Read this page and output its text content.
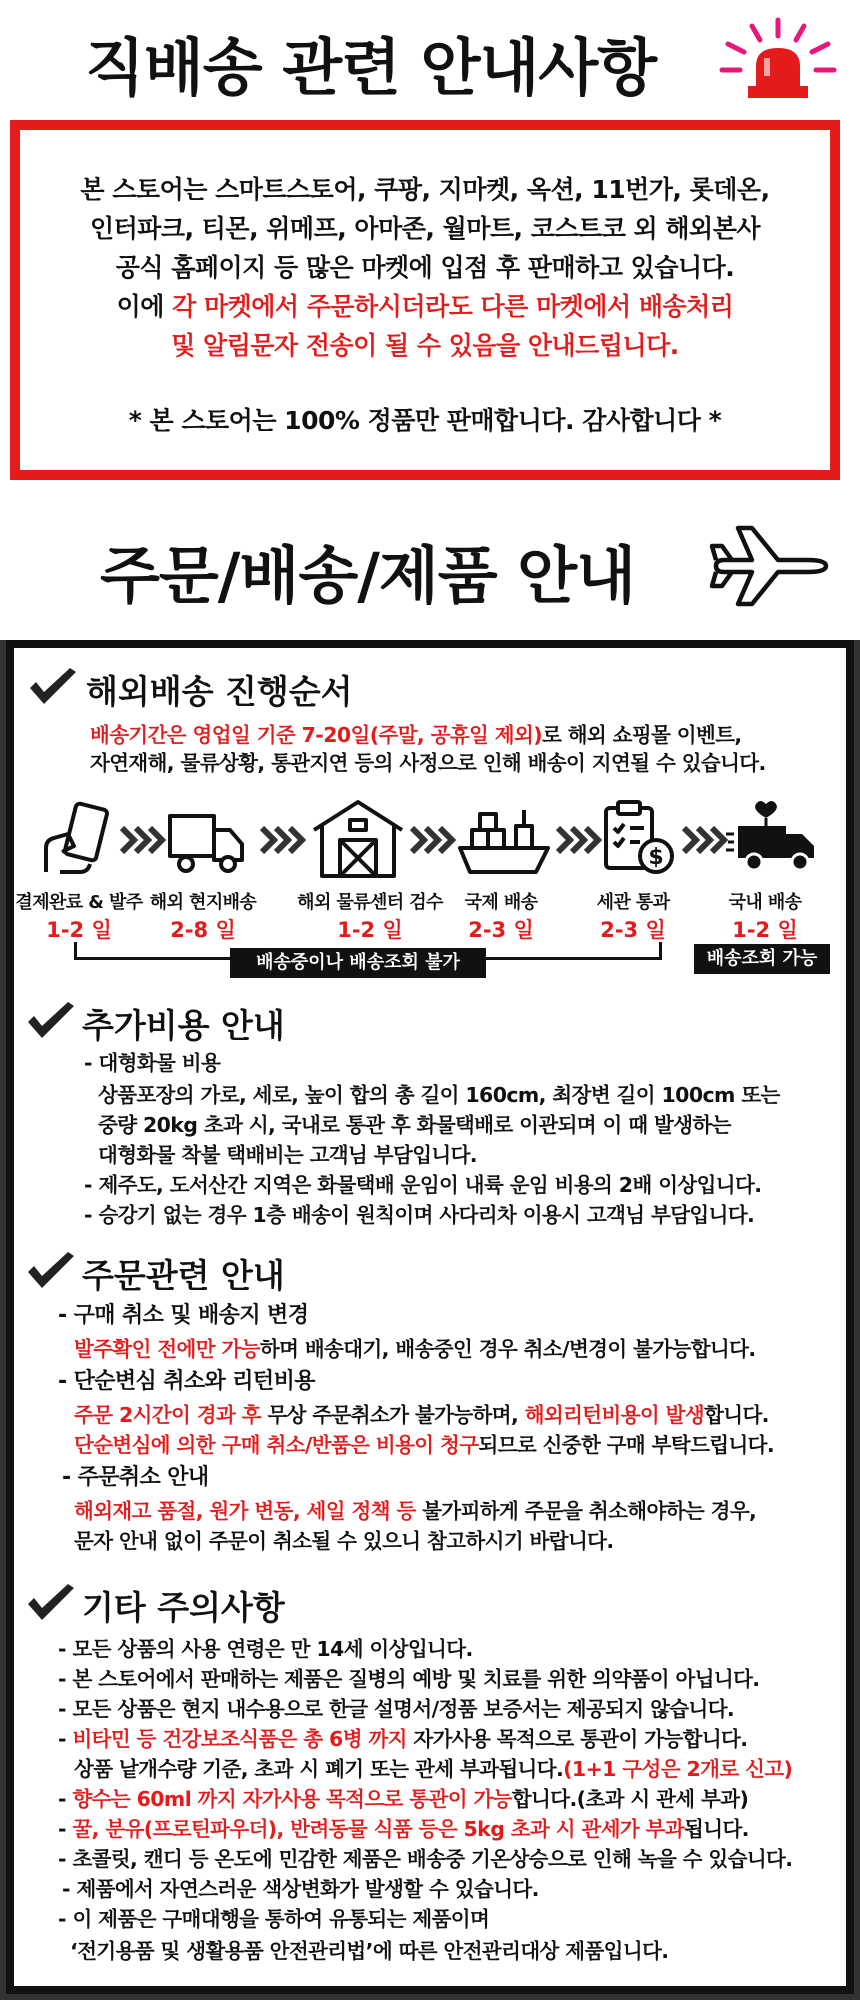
직배송 관련 안내사항

본 스토어는 스마트스토어, 쿠팡, 지마켓, 옥션, 11번가, 롯데온,

인터파크, 티몬, 위메프, 아마존, 월마트, 코스트코 외 해외본사

공식 홈페이지 등 많은 마켓에 입점 후 판매하고 있습니다.

이에 각 마켓에서 주문하시더라도 다른 마켓에서 배송처리

및 알림문자 전송이 될 수 있음을 안내드립니다.

* 본 스토어는 100% 정품만 판매합니다. 감사합니다 *

주문/배송/제품 안내
해외배송 진행순서
배송기간은 영업일 기준 7-20일(주말, 공휴일 제외)로 해외 쇼핑몰 이벤트,
자연재해, 물류상황, 통관지연 등의 사정으로 인해 배송이 지연될 수 있습니다.
$
결제완료 & 발주
1-2 일
해외 현지배송
2-8 일
해외 물류센터 검수
1-2 일
국제 배송
2-3 일
세관 통과
2-3 일
국내 배송
1-2 일
배송중이나 배송조회 불가	배송조회 가능
추가비용 안내
- 대형화물 비용
상품포장의 가로, 세로, 높이 합의 총 길이 160cm, 최장변 길이 100cm 또는
중량 20kg 초과 시, 국내로 통관 후 화물택배로 이관되며 이 때 발생하는
대형화물 착불 택배비는 고객님 부담입니다.
- 제주도, 도서산간 지역은 화물택배 운임이 내륙 운임 비용의 2배 이상입니다.
- 승강기 없는 경우 1층 배송이 원칙이며 사다리차 이용시 고객님 부담입니다.
주문관련 안내
- 구매 취소 및 배송지 변경
발주확인 전에만 가능하며 배송대기, 배송중인 경우 취소/변경이 불가능합니다.
- 단순변심 취소와 리턴비용
주문 2시간이 경과 후 무상 주문취소가 불가능하며, 해외리턴비용이 발생합니다.
단순변심에 의한 구매 취소/반품은 비용이 청구되므로 신중한 구매 부탁드립니다.
- 주문취소 안내
해외재고 품절, 원가 변동, 세일 정책 등 불가피하게 주문을 취소해야하는 경우,
문자 안내 없이 주문이 취소될 수 있으니 참고하시기 바랍니다.
기타 주의사항
- 모든 상품의 사용 연령은 만 14세 이상입니다.
- 본 스토어에서 판매하는 제품은 질병의 예방 및 치료를 위한 의약품이 아닙니다.
- 모든 상품은 현지 내수용으로 한글 설명서/정품 보증서는 제공되지 않습니다.
- 비타민 등 건강보조식품은 총 6병 까지 자가사용 목적으로 통관이 가능합니다.
상품 낱개수량 기준, 초과 시 폐기 또는 관세 부과됩니다.(1+1 구성은 2개로 신고)
- 향수는 60ml 까지 자가사용 목적으로 통관이 가능합니다.(초과 시 관세 부과)
- 꿀, 분유(프로틴파우더), 반려동물 식품 등은 5kg 초과 시 관세가 부과됩니다.
- 초콜릿, 캔디 등 온도에 민감한 제품은 배송중 기온상승으로 인해 녹을 수 있습니다.
- 제품에서 자연스러운 색상변화가 발생할 수 있습니다.
- 이 제품은 구매대행을 통하여 유통되는 제품이며
‘전기용품 및 생활용품 안전관리법’에 따른 안전관리대상 제품입니다.
